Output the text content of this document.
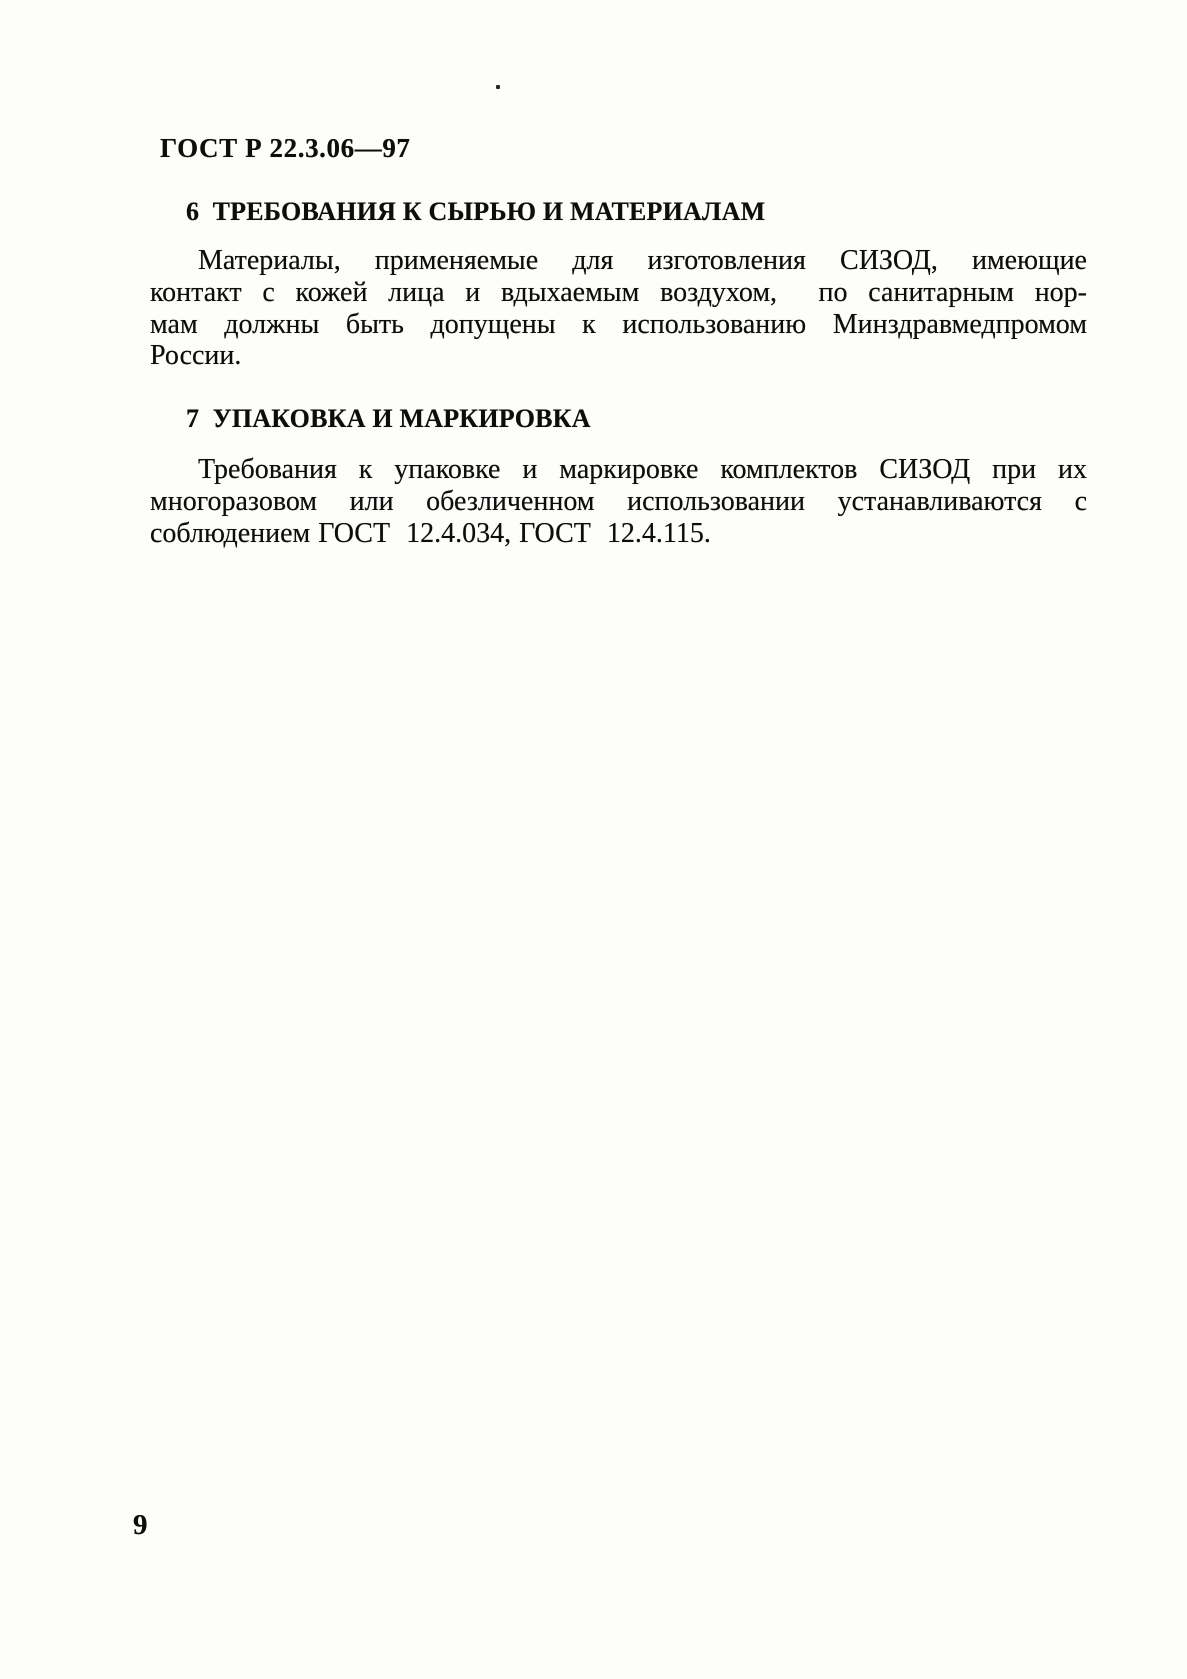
ГОСТ Р 22.3.06—97
6  ТРЕБОВАНИЯ К СЫРЬЮ И МАТЕРИАЛАМ
Материалы, применяемые для изготовления СИЗОД, имеющие
контакт с кожей лица и вдыхаемым воздухом,  по санитарным нор-
мам должны быть допущены к использованию Минздравмедпромом
России.
7  УПАКОВКА И МАРКИРОВКА
Требования к упаковке и маркировке комплектов СИЗОД при их
многоразовом или обезличенном использовании устанавливаются с
соблюдением ГОСТ  12.4.034, ГОСТ  12.4.115.
9
